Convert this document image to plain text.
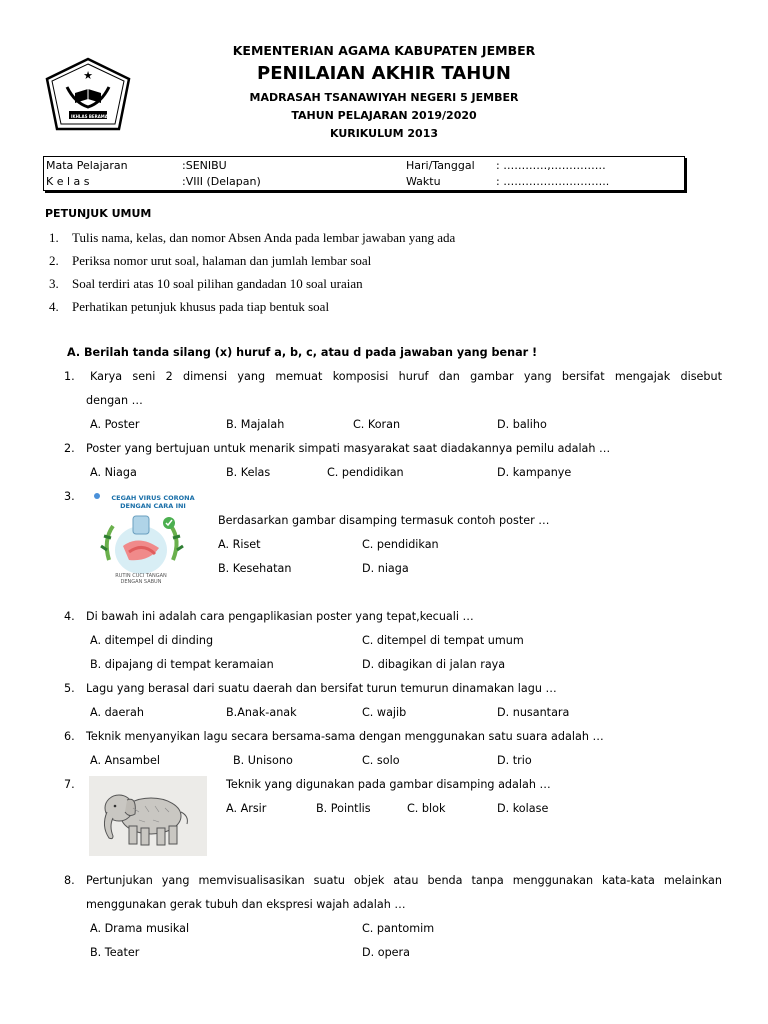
★
IKHLAS BERAMAL
KEMENTERIAN AGAMA KABUPATEN JEMBER
PENILAIAN AKHIR TAHUN
MADRASAH TSANAWIYAH NEGERI 5 JEMBER
TAHUN PELAJARAN 2019/2020
KURIKULUM 2013
Mata Pelajaran	:SENIBU	Hari/Tanggal : …………,……………
K e l a s	:VIII (Delapan)	Waktu	: ………………………..
PETUNJUK UMUM
1. Tulis nama, kelas, dan nomor Absen Anda pada lembar jawaban yang ada
2. Periksa nomor urut soal, halaman dan jumlah lembar soal
3. Soal terdiri atas 10 soal pilihan gandadan 10 soal uraian
4. Perhatikan petunjuk khusus pada tiap bentuk soal
A. Berilah tanda silang (x) huruf a, b, c, atau d pada jawaban yang benar !
1. Karya seni 2 dimensi yang memuat komposisi huruf dan gambar yang bersifat mengajak disebut
dengan …
A. Poster	B. Majalah	C. Koran	D. baliho
2. Poster yang bertujuan untuk menarik simpati masyarakat saat diadakannya pemilu adalah …
A. Niaga	B. Kelas	C. pendidikan	D. kampanye
3.	CEGAH VIRUS CORONA DENGAN CARA INI
RUTIN CUCI TANGAN DENGAN SABUN
Berdasarkan gambar disamping termasuk contoh poster …
A. Riset	C. pendidikan
B. Kesehatan	D. niaga
4. Di bawah ini adalah cara pengaplikasian poster yang tepat,kecuali …
A. ditempel di dinding	C. ditempel di tempat umum
B. dipajang di tempat keramaian	D. dibagikan di jalan raya
5. Lagu yang berasal dari suatu daerah dan bersifat turun temurun dinamakan lagu …
A. daerah	B.Anak-anak	C. wajib	D. nusantara
6. Teknik menyanyikan lagu secara bersama-sama dengan menggunakan satu suara adalah …
A. Ansambel	B. Unisono	C. solo	D. trio
7.	Teknik yang digunakan pada gambar disamping adalah …
A. Arsir	B. Pointlis	C. blok	D. kolase
8. Pertunjukan yang memvisualisasikan suatu objek atau benda tanpa menggunakan kata-kata melainkan
menggunakan gerak tubuh dan ekspresi wajah adalah …
A. Drama musikal	C. pantomim
B. Teater	D. opera
